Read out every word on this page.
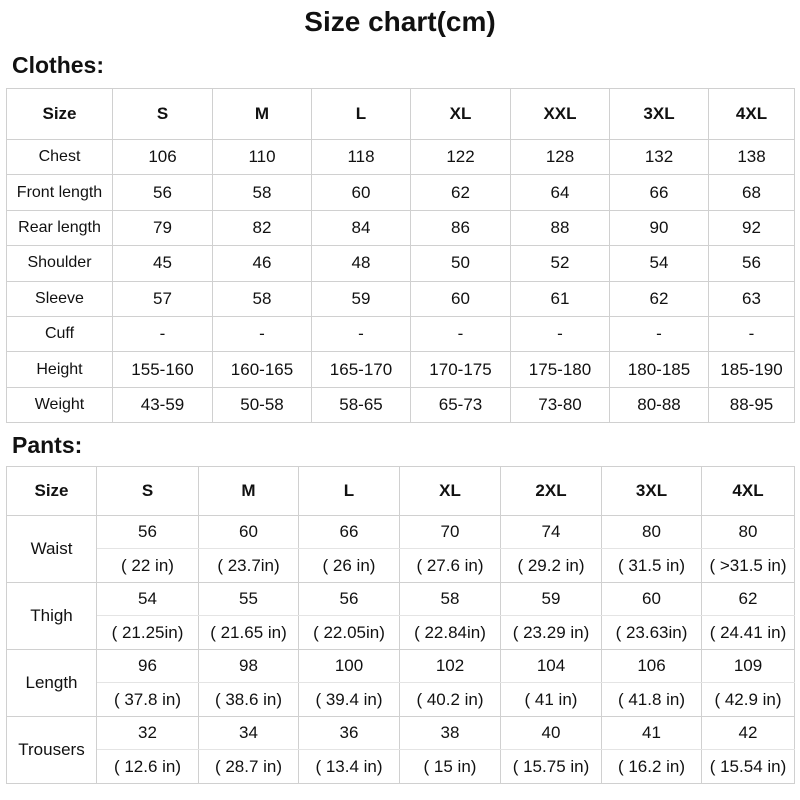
Size chart(cm)
Clothes:
Size	S	M	L	XL	XXL	3XL	4XL
Chest	106	110	118	122	128	132	138
Front length	56	58	60	62	64	66	68
Rear length	79	82	84	86	88	90	92
Shoulder	45	46	48	50	52	54	56
Sleeve	57	58	59	60	61	62	63
Cuff	-	-	-	-	-	-	-
Height	155-160	160-165	165-170	170-175	175-180	180-185	185-190
Weight	43-59	50-58	58-65	65-73	73-80	80-88	88-95
Pants:
Size	S	M	L	XL	2XL	3XL	4XL
Waist	56	60	66	70	74	80	80
	( 22 in)	( 23.7in)	( 26 in)	( 27.6 in)	( 29.2 in)	( 31.5 in)	( >31.5 in)
Thigh	54	55	56	58	59	60	62
	( 21.25in)	( 21.65 in)	( 22.05in)	( 22.84in)	( 23.29 in)	( 23.63in)	( 24.41 in)
Length	96	98	100	102	104	106	109
	( 37.8 in)	( 38.6 in)	( 39.4 in)	( 40.2 in)	( 41 in)	( 41.8 in)	( 42.9 in)
Trousers	32	34	36	38	40	41	42
	( 12.6 in)	( 28.7 in)	( 13.4 in)	( 15 in)	( 15.75 in)	( 16.2 in)	( 15.54 in)
